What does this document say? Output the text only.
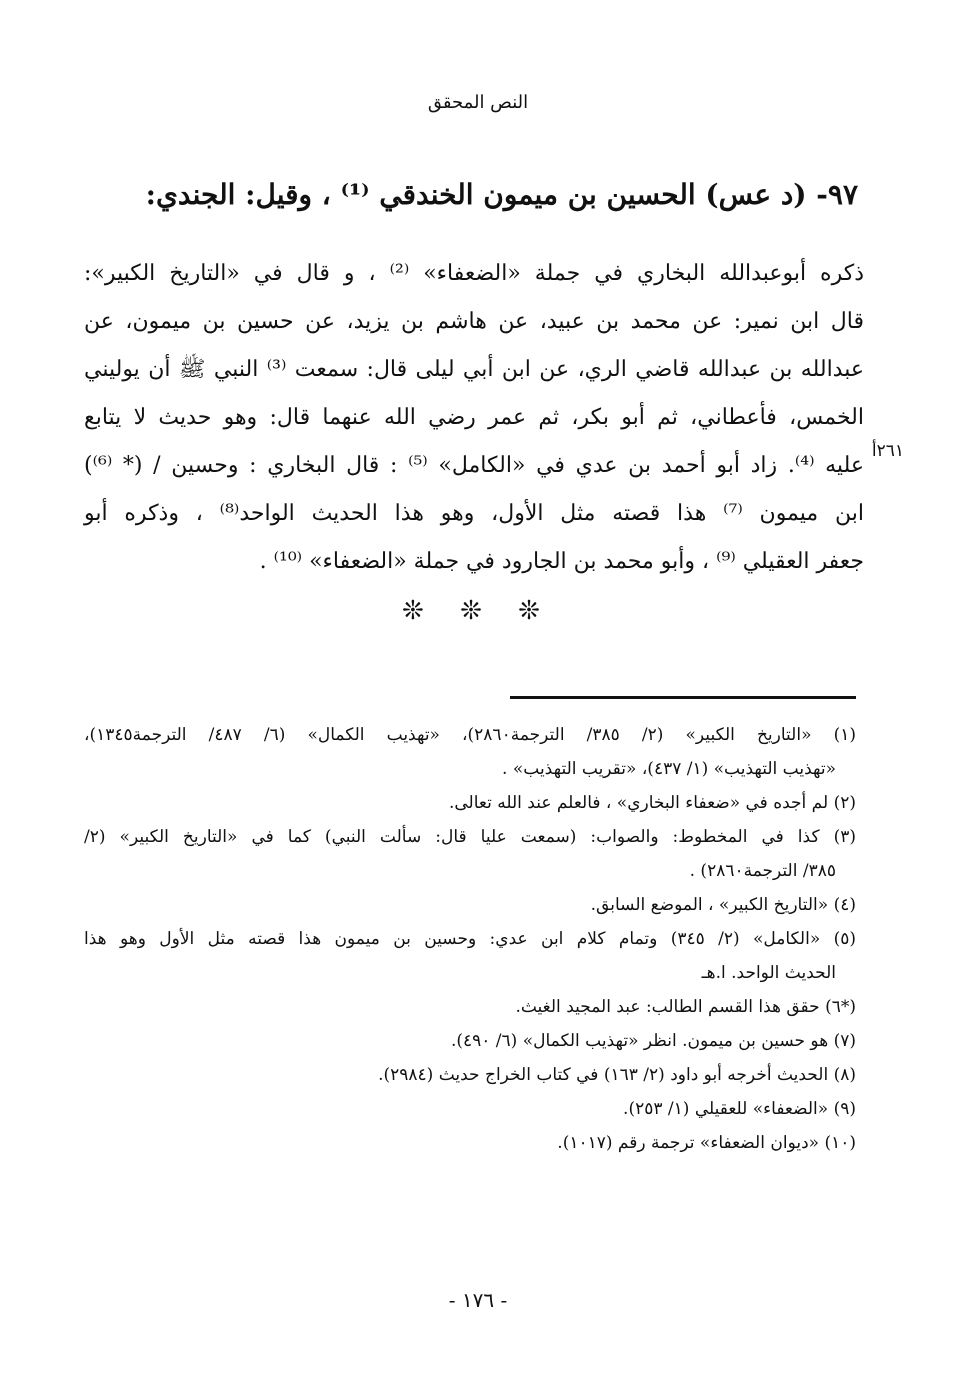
النص المحقق
٩٧- (د عس) الحسين بن ميمون الخندقي ⁽¹⁾ ، وقيل: الجندي:
ذكره أبوعبدالله البخاري في جملة «الضعفاء» ⁽²⁾ ، و قال في «التاريخ الكبير»:
قال ابن نمير: عن محمد بن عبيد، عن هاشم بن يزيد، عن حسين بن ميمون، عن
عبدالله بن عبدالله قاضي الري، عن ابن أبي ليلى قال: سمعت ⁽³⁾ النبي ﷺ أن يوليني
الخمس، فأعطاني، ثم أبو بكر، ثم عمر رضي الله عنهما قال: وهو حديث لا يتابع
عليه ⁽⁴⁾. زاد أبو أحمد بن عدي في «الكامل» ⁽⁵⁾ : قال البخاري : وحسين / (* ⁽⁶⁾)
ابن ميمون ⁽⁷⁾ هذا قصته مثل الأول، وهو هذا الحديث الواحد⁽⁸⁾ ، وذكره أبو
جعفر العقيلي ⁽⁹⁾ ، وأبو محمد بن الجارود في جملة «الضعفاء» ⁽¹⁰⁾ .
٢٦١أ
❊ ❊ ❊
(١) «التاريخ الكبير» (٢/ ٣٨٥/ الترجمة٢٨٦٠)، «تهذيب الكمال» (٦/ ٤٨٧/ الترجمة١٣٤٥)،
«تهذيب التهذيب» (١/ ٤٣٧)، «تقريب التهذيب» .
(٢) لم أجده في «ضعفاء البخاري» ، فالعلم عند الله تعالى.
(٣) كذا في المخطوط: والصواب: (سمعت عليا قال: سألت النبي) كما في «التاريخ الكبير» (٢/
٣٨٥/ الترجمة٢٨٦٠) .
(٤) «التاريخ الكبير» ، الموضع السابق.
(٥) «الكامل» (٢/ ٣٤٥) وتمام كلام ابن عدي: وحسين بن ميمون هذا قصته مثل الأول وهو هذا
الحديث الواحد. ا.هـ
(*٦) حقق هذا القسم الطالب: عبد المجيد الغيث.
(٧) هو حسين بن ميمون. انظر «تهذيب الكمال» (٦/ ٤٩٠).
(٨) الحديث أخرجه أبو داود (٢/ ١٦٣) في كتاب الخراج حديث (٢٩٨٤).
(٩) «الضعفاء» للعقيلي (١/ ٢٥٣).
(١٠) «ديوان الضعفاء» ترجمة رقم (١٠١٧).
- ١٧٦ -
